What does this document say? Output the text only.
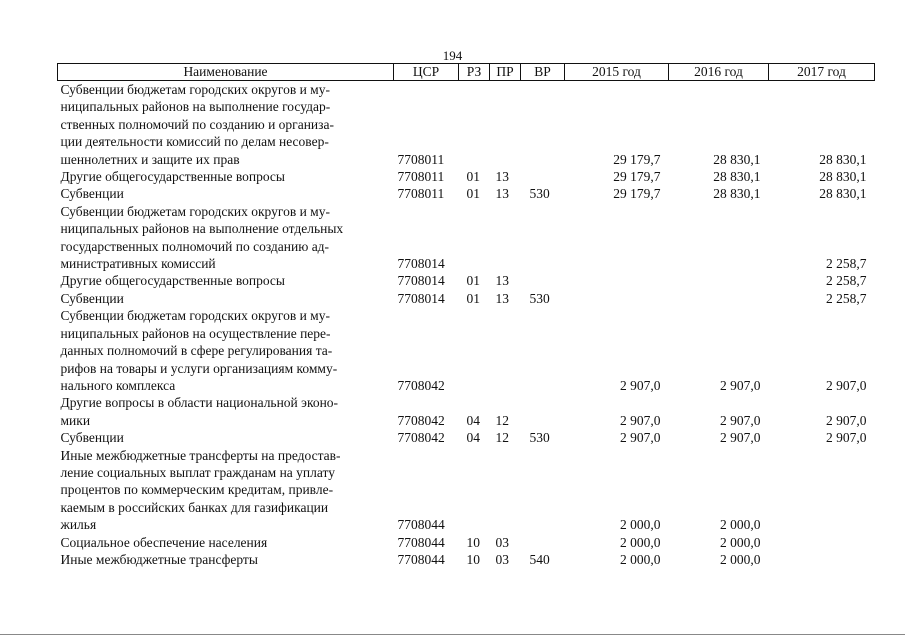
194
Наименование	ЦСР	РЗ	ПР	ВР	2015 год	2016 год	2017 год

Субвенции бюджетам городских округов и му-
ниципальных районов на выполнение государ-
ственных полномочий по созданию и организа-
ции деятельности комиссий по делам несовер-
шеннолетних и защите их прав	7708011				29 179,7	28 830,1	28 830,1

Другие общегосударственные вопросы	7708011	01	13		29 179,7	28 830,1	28 830,1

Субвенции	7708011	01	13	530	29 179,7	28 830,1	28 830,1

Субвенции бюджетам городских округов и му-
ниципальных районов на выполнение отдельных
государственных полномочий по созданию ад-
министративных комиссий	7708014						2 258,7

Другие общегосударственные вопросы	7708014	01	13				2 258,7

Субвенции	7708014	01	13	530			2 258,7

Субвенции бюджетам городских округов и му-
ниципальных районов на осуществление пере-
данных полномочий в сфере регулирования та-
рифов на товары и услуги организациям комму-
нального комплекса	7708042				2 907,0	2 907,0	2 907,0

Другие вопросы в области национальной эконо-
мики	7708042	04	12		2 907,0	2 907,0	2 907,0

Субвенции	7708042	04	12	530	2 907,0	2 907,0	2 907,0

Иные межбюджетные трансферты на предостав-
ление социальных выплат гражданам на уплату
процентов по коммерческим кредитам, привле-
каемым в российских банках для газификации
жилья	7708044				2 000,0	2 000,0	

Социальное обеспечение населения	7708044	10	03		2 000,0	2 000,0	

Иные межбюджетные трансферты	7708044	10	03	540	2 000,0	2 000,0	
